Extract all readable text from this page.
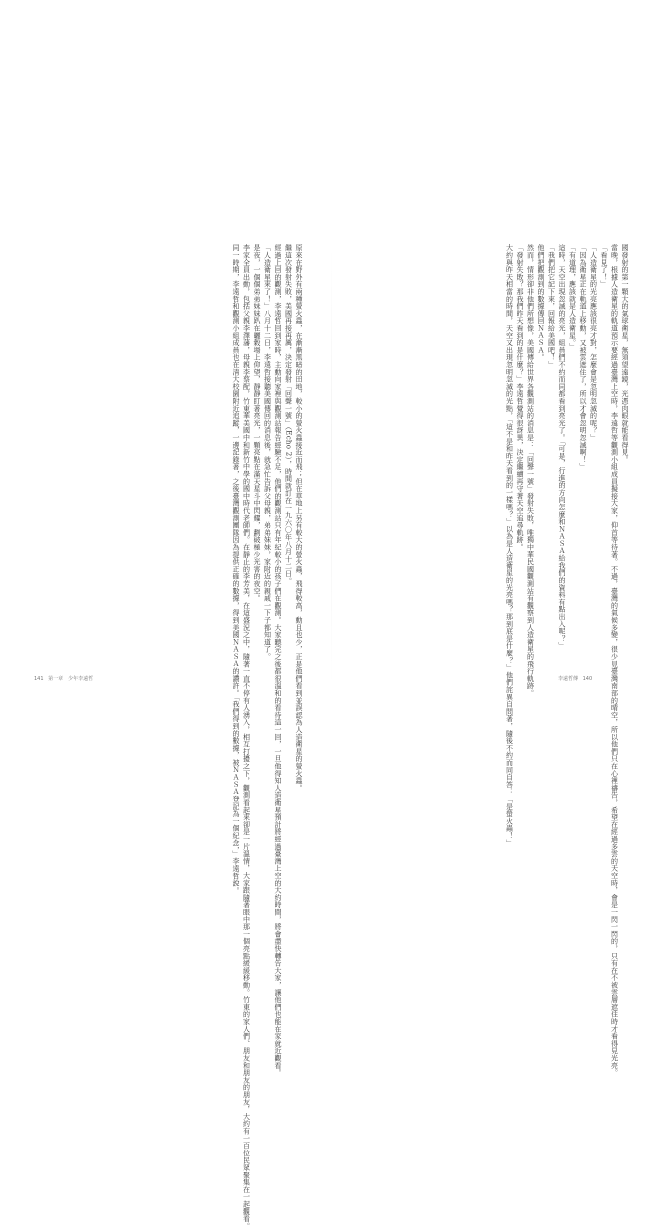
國發射的第一顆大的氣球衛星，無須望遠鏡，光憑肉眼就能看得見。

當晚，根據人造衛星的軌道預示要經過臺灣上空時，李遠哲等觀測小組成員擬接大家，仰首等待著。不過，臺灣的氣候多變，很少見臺灣南部的晴空，所以他們只在心裡禱告，希望在經過多雲的天空時，會是一閃一閃的，只有在不被雲層遮住時才看得見光亮。

「看見了！」

「人造衛星的光亮應該很亮才對，怎麼會是忽明忽滅的呢？」

「因為衛星正在軌道上移動，又被雲遮住了，所以才會忽明忽滅啊！」

「有道理，應該就是人造衛星。」

這時，天空出現忽滅的亮光，組員們不約而同都看到亮光了。「可是，行進的方向怎麼和ＮＡＳＡ給我們的資料有點出入呢？」

「我們把它記下來，回報給美國吧！」

他們把觀測到的數據傳回ＮＡＳＡ。

然而，情形卻非他們所想像，美國傳給世界各觀測站的消息是：「回聲一號」發射失敗，唯獨中華民國觀測站有觀察到人造衛星的飛行軌跡。

「發射失敗？那我們昨天看到的是什麼？」李遠哲覺得很訝異，決定繼續再守著天空追尋軌跡。

大約與昨天相當的時間，天空又出現忽明忽滅的光點，「這不是和昨天看到的一樣嗎？」以為是人造衛星的光亮嗎？那到底是什麼？」他們詫異自問著，隨後不約而同自答：「是螢火蟲！」

原來在野外有兩種螢火蟲，在漸漸黑暗的田地，較小的螢火蟲接近而飛；但在草地上另有較大的螢火蟲，飛得較高，動且也少，正是他們看到並誤認為人造衛星的螢火蟲。

繼這次發射失敗，美國再接再厲，決定發射「回聲一號」（Echo 2），時間就訂在一九六〇年八月十二日。

經過上回的觀測，李遠哲回到家時，主動向家裡與觀測站報告經驗不足，他們的觀測站只有年紀較小的孩子們在觀測。大家聽完之後都很溫和的看待這一回，一旦他得知人造衛星預計將經過臺灣上空的大約時間，將會盡快轉告大家，讓他們也能在家就近觀看。

「人造衛星來了！」八月十二日，李遠哲接聽美國傳回的消息後，就急忙告訴父母親，弟弟妹妹，家附近的親戚一下子都知道了。

是夜，一個個弟弟妹妹趴在曬穀場上仰望，靜靜盯著亮光，一顆亮點在滿天星斗中閃耀，劃破極少光害的夜空。

李家全員出動，包括父親李澤藩，母親李蔡配，竹東華美國中和新竹中學的國中時代老師們。在靜止的李芳美，在這盛況之中，隨著一直不停有人湧入，相互打擾之下，觀測看起來卻是一片溫情，大家跟隨著眼中那一個亮點緩緩移動。竹東的家人們、朋友和朋友的朋友，大約有一百位民眾聚集在一起觀看。

同一時期，李遠哲和觀測小組成員也在清大校園附近追蹤，一邊記錄著，之後臺灣觀測團隊因為提供正確的數據，得到美國ＮＡＳＡ的讚許。「我們得到的數據，被ＮＡＳＡ登記為一個紀念，」李遠哲說。

141 第一章　少年李遠哲	李遠哲傳 140
